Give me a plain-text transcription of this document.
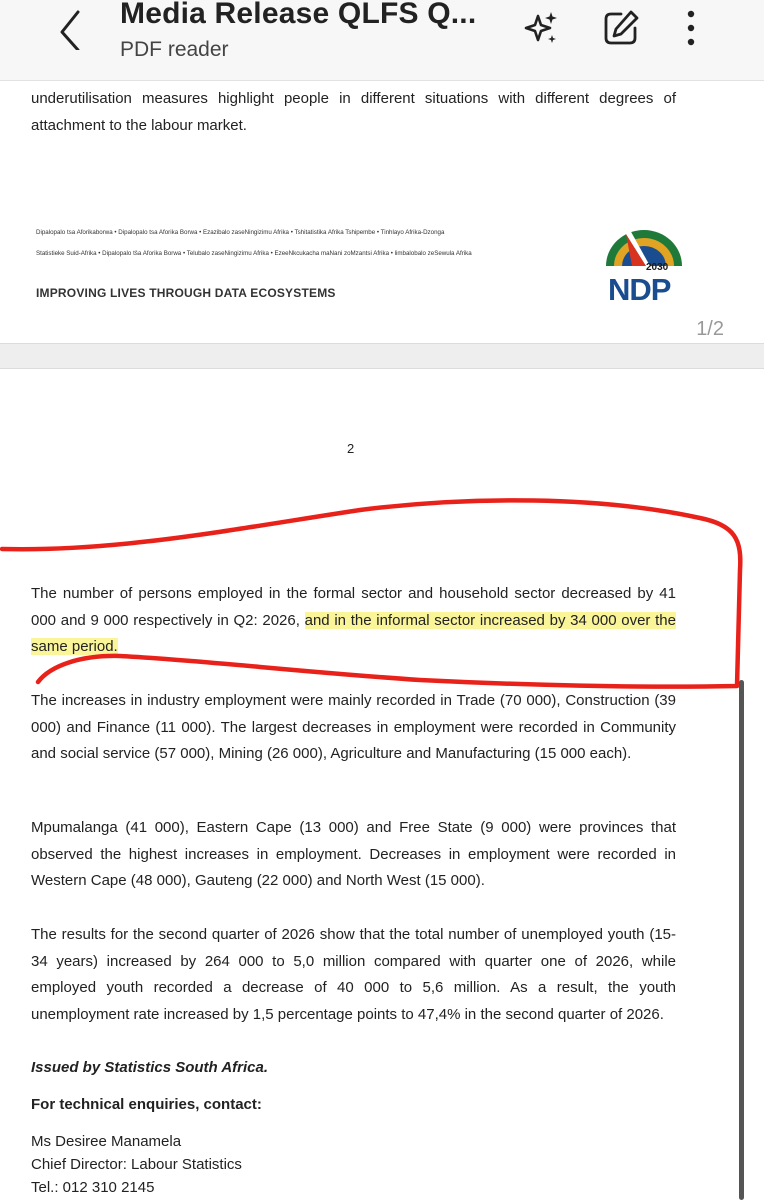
Media Release QLFS Q...
PDF reader
underutilisation measures highlight people in different situations with different degrees of attachment to the labour market.
Dipalopalo tsa Aforikaborwa • Dipalopalo tsa Aforika Borwa • Ezazibalo zaseNingizimu Afrika • Tshitatistika Afrika Tshipembe • Tinhlayo Afrika-Dzonga
Statistieke Suid-Afrika • Dipalopalo tša Aforika Borwa • Telubalo zaseNingizimu Afrika • EzeeNkcukacha maNani zoMzantsi Afrika • limbalobalo zeSewula Afrika
IMPROVING LIVES THROUGH DATA ECOSYSTEMS
2030
NDP
1/2
2
The number of persons employed in the formal sector and household sector decreased by 41 000 and 9 000 respectively in Q2: 2026, and in the informal sector increased by 34 000 over the same period.
The increases in industry employment were mainly recorded in Trade (70 000), Construction (39 000) and Finance (11 000). The largest decreases in employment were recorded in Community and social service (57 000), Mining (26 000), Agriculture and Manufacturing (15 000 each).
Mpumalanga (41 000), Eastern Cape (13 000) and Free State (9 000) were provinces that observed the highest increases in employment. Decreases in employment were recorded in Western Cape (48 000), Gauteng (22 000) and North West (15 000).
The results for the second quarter of 2026 show that the total number of unemployed youth (15-34 years) increased by 264 000 to 5,0 million compared with quarter one of 2026, while employed youth recorded a decrease of 40 000 to 5,6 million. As a result, the youth unemployment rate increased by 1,5 percentage points to 47,4% in the second quarter of 2026.
Issued by Statistics South Africa.
For technical enquiries, contact:
Ms Desiree Manamela
Chief Director: Labour Statistics
Tel.: 012 310 2145
